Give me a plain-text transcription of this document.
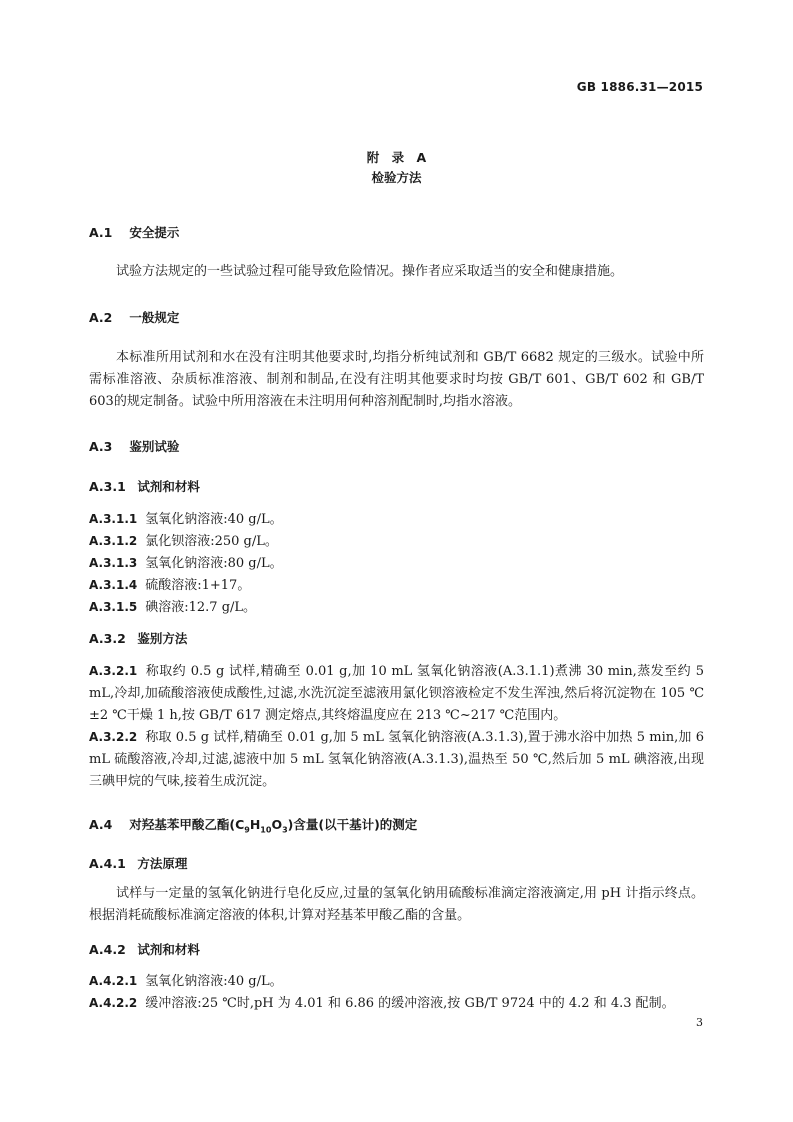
GB 1886.31—2015
附 录 A
检验方法
A.1 安全提示
试验方法规定的一些试验过程可能导致危险情况。操作者应采取适当的安全和健康措施。
A.2 一般规定
本标准所用试剂和水在没有注明其他要求时,均指分析纯试剂和 GB/T 6682 规定的三级水。试验中所需标准溶液、杂质标准溶液、制剂和制品,在没有注明其他要求时均按 GB/T 601、GB/T 602 和 GB/T 603的规定制备。试验中所用溶液在未注明用何种溶剂配制时,均指水溶液。
A.3 鉴别试验
A.3.1 试剂和材料
A.3.1.1 氢氧化钠溶液:40 g/L。
A.3.1.2 氯化钡溶液:250 g/L。
A.3.1.3 氢氧化钠溶液:80 g/L。
A.3.1.4 硫酸溶液:1+17。
A.3.1.5 碘溶液:12.7 g/L。
A.3.2 鉴别方法
A.3.2.1 称取约 0.5 g 试样,精确至 0.01 g,加 10 mL 氢氧化钠溶液(A.3.1.1)煮沸 30 min,蒸发至约 5 mL,冷却,加硫酸溶液使成酸性,过滤,水洗沉淀至滤液用氯化钡溶液检定不发生浑浊,然后将沉淀物在 105 ℃±2 ℃干燥 1 h,按 GB/T 617 测定熔点,其终熔温度应在 213 ℃~217 ℃范围内。
A.3.2.2 称取 0.5 g 试样,精确至 0.01 g,加 5 mL 氢氧化钠溶液(A.3.1.3),置于沸水浴中加热 5 min,加 6 mL 硫酸溶液,冷却,过滤,滤液中加 5 mL 氢氧化钠溶液(A.3.1.3),温热至 50 ℃,然后加 5 mL 碘溶液,出现三碘甲烷的气味,接着生成沉淀。
A.4 对羟基苯甲酸乙酯$(C_9H_{10}O_3)$含量(以干基计)的测定
A.4.1 方法原理
试样与一定量的氢氧化钠进行皂化反应,过量的氢氧化钠用硫酸标准滴定溶液滴定,用 pH 计指示终点。根据消耗硫酸标准滴定溶液的体积,计算对羟基苯甲酸乙酯的含量。
A.4.2 试剂和材料
A.4.2.1 氢氧化钠溶液:40 g/L。
A.4.2.2 缓冲溶液:25 ℃时,pH 为 4.01 和 6.86 的缓冲溶液,按 GB/T 9724 中的 4.2 和 4.3 配制。
3
